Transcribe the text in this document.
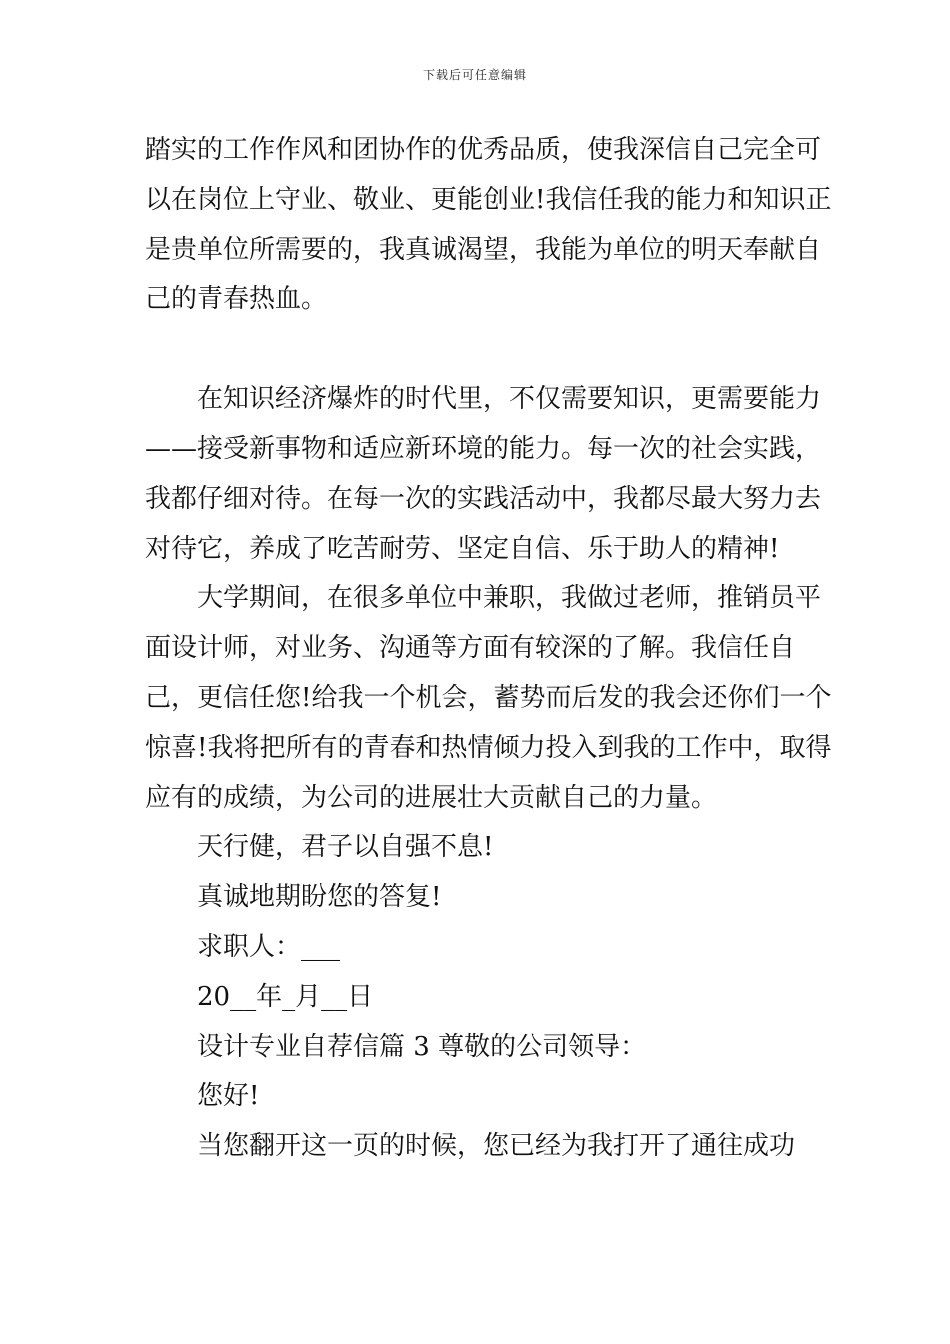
下载后可任意编辑

踏实的工作作风和团协作的优秀品质，使我深信自己完全可以在岗位上守业、敬业、更能创业!我信任我的能力和知识正是贵单位所需要的，我真诚渴望，我能为单位的明天奉献自己的青春热血。

在知识经济爆炸的时代里，不仅需要知识，更需要能力——接受新事物和适应新环境的能力。每一次的社会实践，我都仔细对待。在每一次的实践活动中，我都尽最大努力去对待它，养成了吃苦耐劳、坚定自信、乐于助人的精神!

大学期间，在很多单位中兼职，我做过老师，推销员平面设计师，对业务、沟通等方面有较深的了解。我信任自己，更信任您!给我一个机会，蓄势而后发的我会还你们一个惊喜!我将把所有的青春和热情倾力投入到我的工作中，取得应有的成绩，为公司的进展壮大贡献自己的力量。

天行健，君子以自强不息!
真诚地期盼您的答复!
求职人：___
20__年_月__日
设计专业自荐信篇 3 尊敬的公司领导：
您好!
当您翻开这一页的时候，您已经为我打开了通往成功
